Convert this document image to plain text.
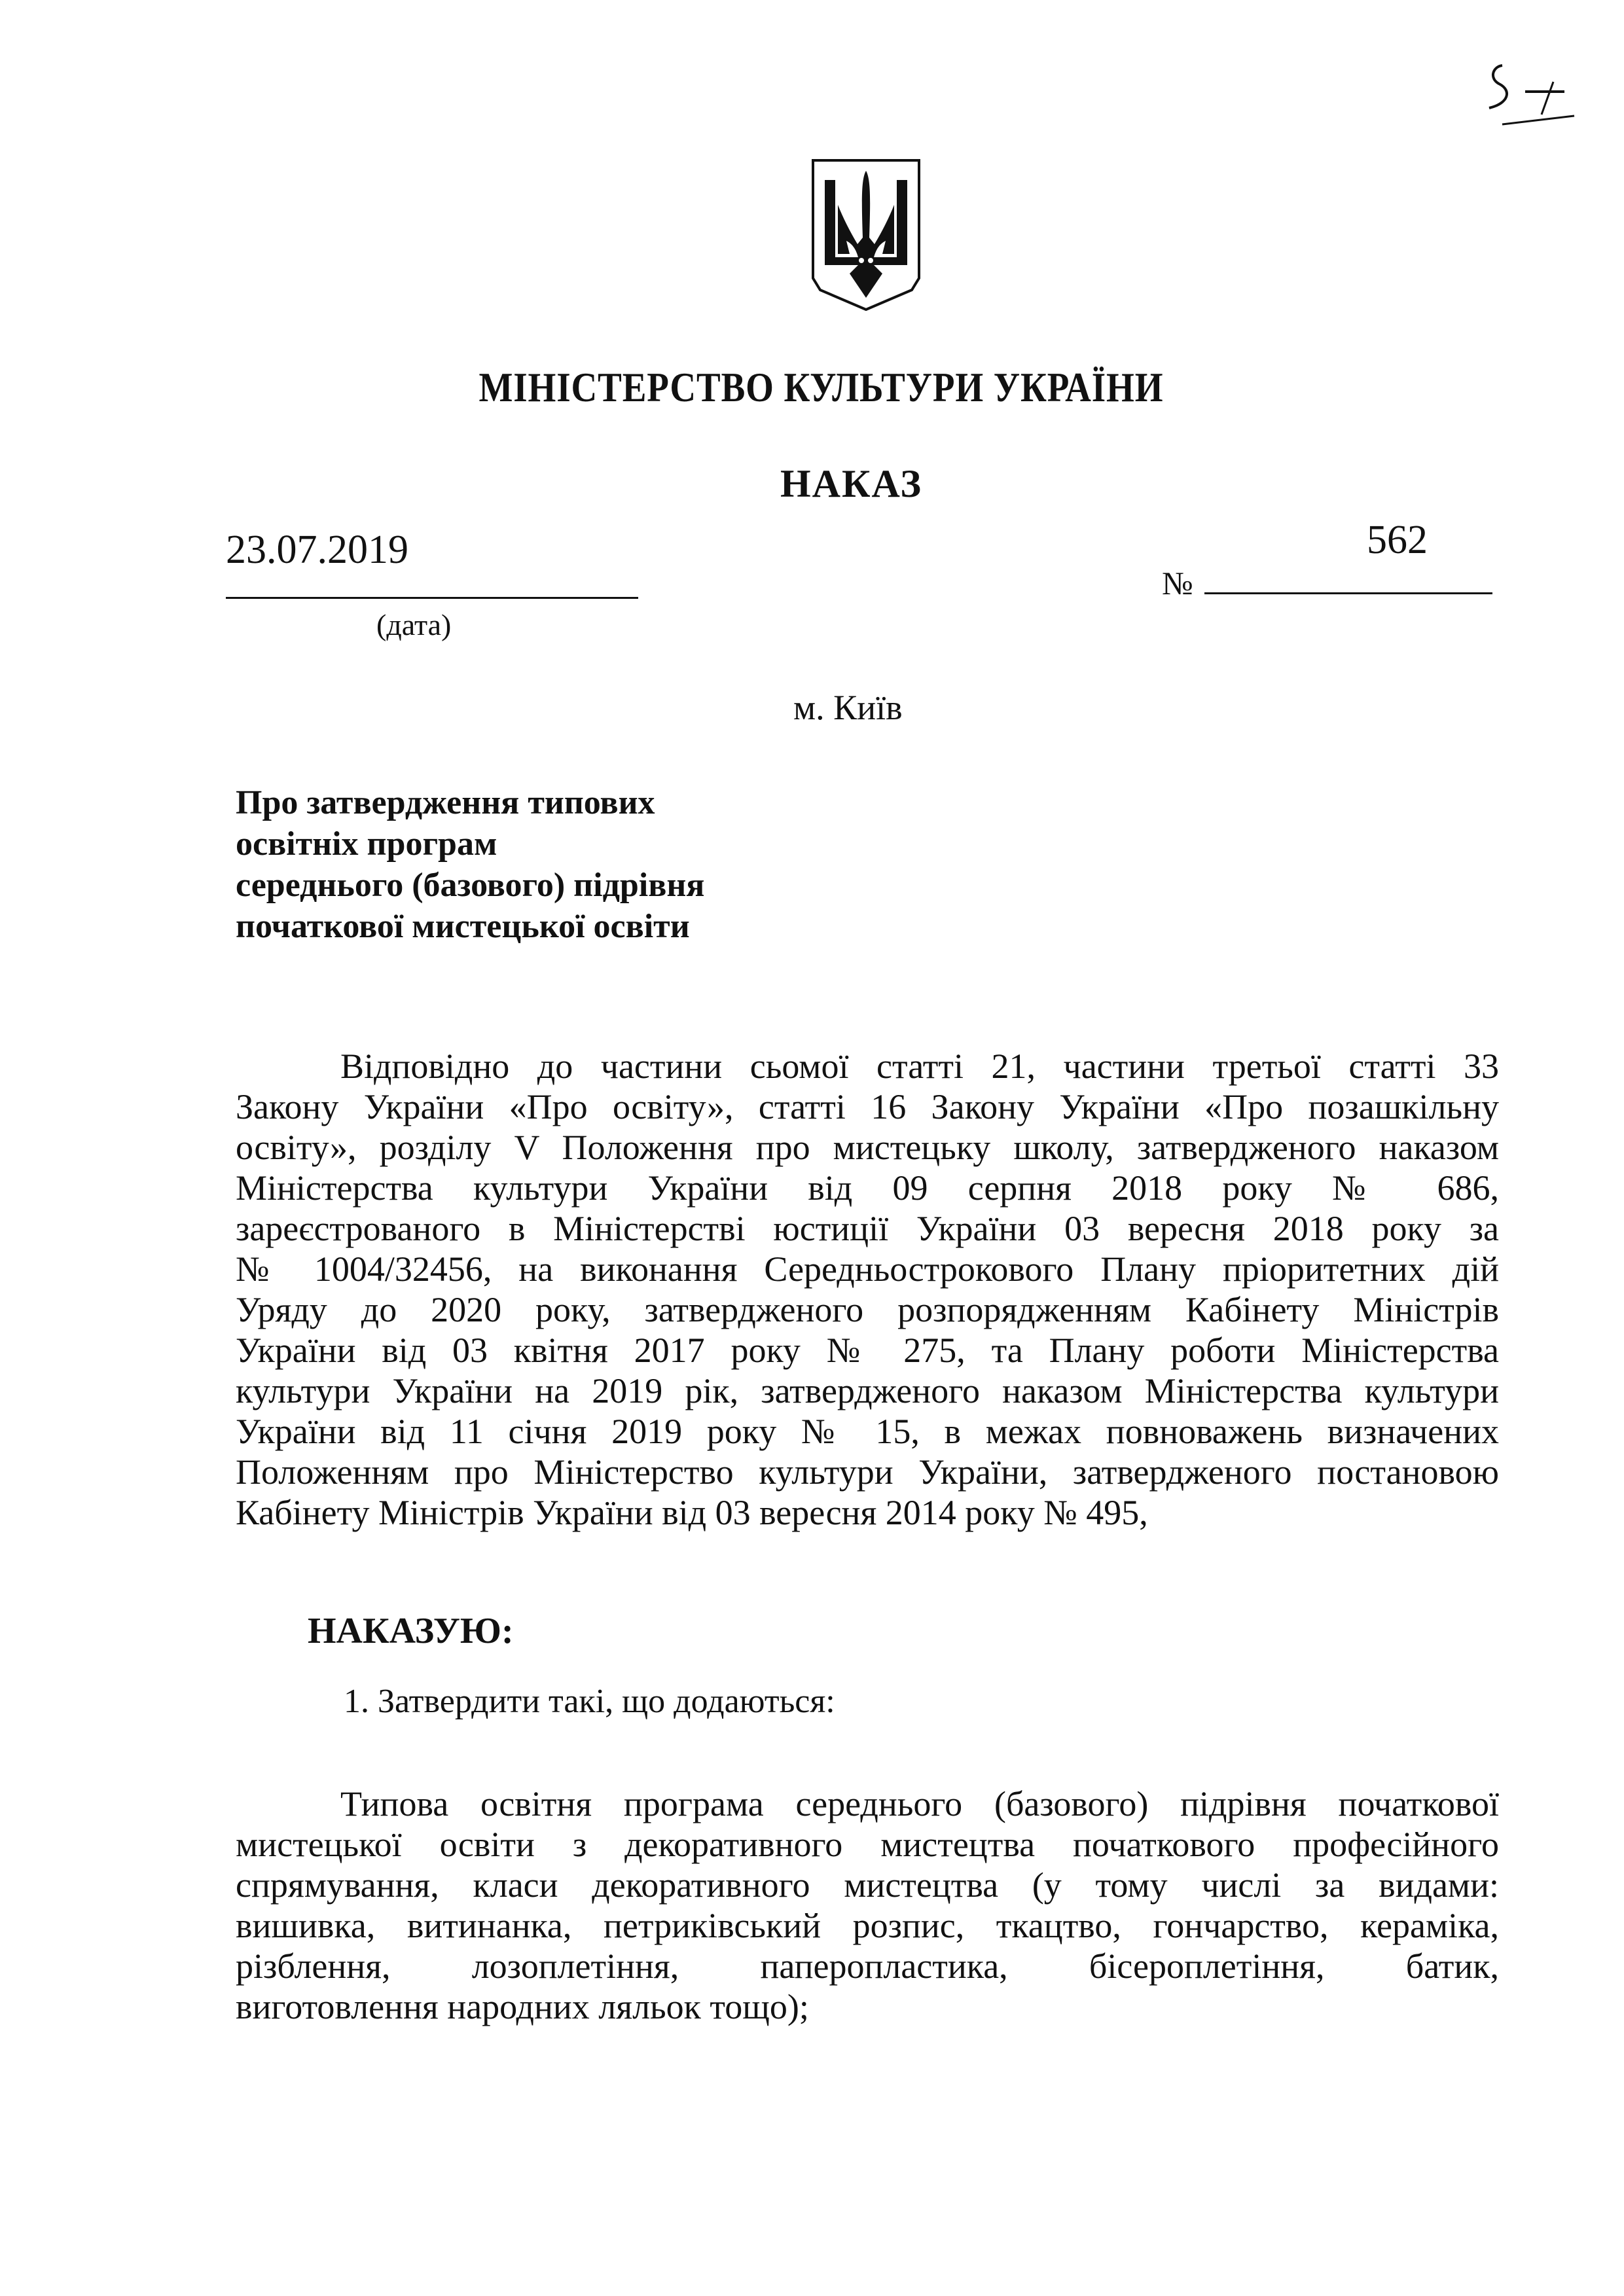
МІНІСТЕРСТВО КУЛЬТУРИ УКРАЇНИ
НАКАЗ
23.07.2019
(дата)
562
№
м. Київ
Про затвердження типових
освітніх програм
середнього (базового) підрівня
початкової мистецької освіти
Відповідно до частини сьомої статті 21, частини третьої статті 33
Закону України «Про освіту», статті 16 Закону України «Про позашкільну
освіту», розділу V Положення про мистецьку школу, затвердженого наказом
Міністерства культури України від 09 серпня 2018 року № 686,
зареєстрованого в Міністерстві юстиції України 03 вересня 2018 року за
№ 1004/32456, на виконання Середньострокового Плану пріоритетних дій
Уряду до 2020 року, затвердженого розпорядженням Кабінету Міністрів
України від 03 квітня 2017 року № 275, та Плану роботи Міністерства
культури України на 2019 рік, затвердженого наказом Міністерства культури
України від 11 січня 2019 року № 15, в межах повноважень визначених
Положенням про Міністерство культури України, затвердженого постановою
Кабінету Міністрів України від 03 вересня 2014 року № 495,
НАКАЗУЮ:
1. Затвердити такі, що додаються:
Типова освітня програма середнього (базового) підрівня початкової
мистецької освіти з декоративного мистецтва початкового професійного
спрямування, класи декоративного мистецтва (у тому числі за видами:
вишивка, витинанка, петриківський розпис, ткацтво, гончарство, кераміка,
різблення, лозоплетіння, паперопластика, бісероплетіння, батик,
виготовлення народних ляльок тощо);
